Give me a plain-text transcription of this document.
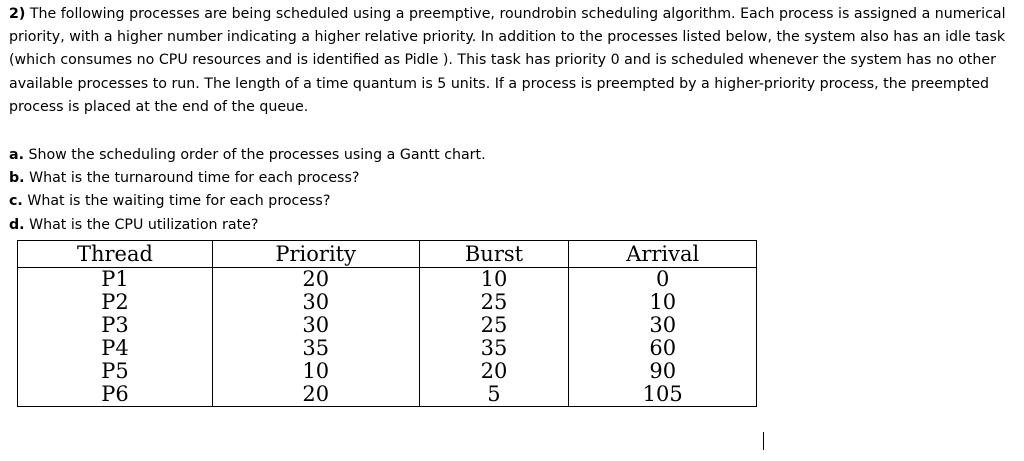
2) The following processes are being scheduled using a preemptive, roundrobin scheduling algorithm. Each process is assigned a numerical priority, with a higher number indicating a higher relative priority. In addition to the processes listed below, the system also has an idle task (which consumes no CPU resources and is identified as Pidle ). This task has priority 0 and is scheduled whenever the system has no other available processes to run. The length of a time quantum is 5 units. If a process is preempted by a higher-priority process, the preempted process is placed at the end of the queue.

a. Show the scheduling order of the processes using a Gantt chart.
b. What is the turnaround time for each process?
c. What is the waiting time for each process?
d. What is the CPU utilization rate?
Thread	Priority	Burst	Arrival
P1	20	10	0
P2	30	25	10
P3	30	25	30
P4	35	35	60
P5	10	20	90
P6	20	5	105
